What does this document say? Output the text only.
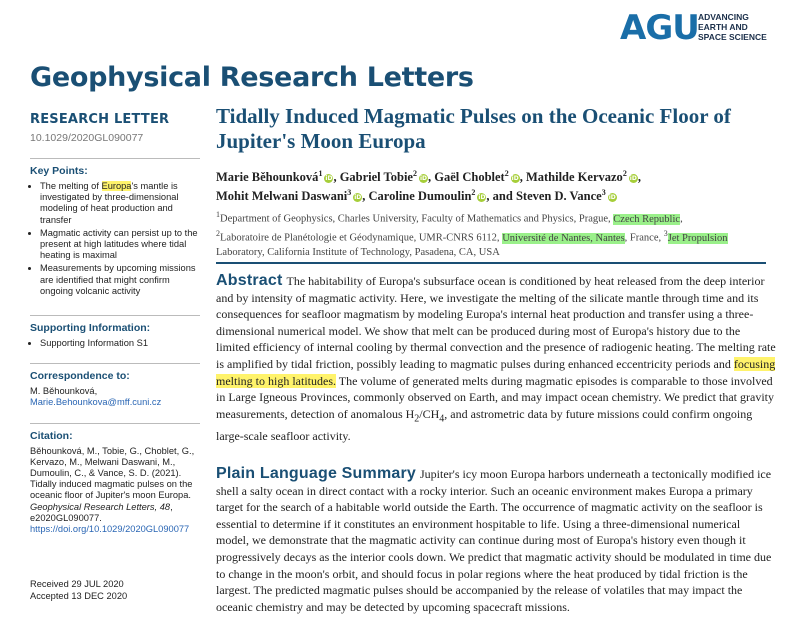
AGU ADVANCING
EARTH AND
SPACE SCIENCE
Geophysical Research Letters
RESEARCH LETTER
10.1029/2020GL090077
Key Points:
• The melting of Europa's mantle is investigated by three-dimensional modeling of heat production and transfer
• Magmatic activity can persist up to the present at high latitudes where tidal heating is maximal
• Measurements by upcoming missions are identified that might confirm ongoing volcanic activity
Supporting Information:
• Supporting Information S1
Correspondence to:
M. Běhounková,
Marie.Behounkova@mff.cuni.cz
Citation:
Běhounková, M., Tobie, G., Choblet, G., Kervazo, M., Melwani Daswani, M., Dumoulin, C., & Vance, S. D. (2021). Tidally induced magmatic pulses on the oceanic floor of Jupiter's moon Europa. Geophysical Research Letters, 48, e2020GL090077. https://doi.org/10.1029/2020GL090077
Received 29 JUL 2020
Accepted 13 DEC 2020
Tidally Induced Magmatic Pulses on the Oceanic Floor of Jupiter's Moon Europa
Marie Běhounková$^1$iD, Gabriel Tobie$^2$iD, Gaël Choblet$^2$iD, Mathilde Kervazo$^2$iD,
Mohit Melwani Daswani$^3$iD, Caroline Dumoulin$^2$iD, and Steven D. Vance$^3$iD
$^1$Department of Geophysics, Charles University, Faculty of Mathematics and Physics, Prague, Czech Republic,
$^2$Laboratoire de Planétologie et Géodynamique, UMR-CNRS 6112, Université de Nantes, Nantes, France, $^3$Jet Propulsion
Laboratory, California Institute of Technology, Pasadena, CA, USA
Abstract The habitability of Europa's subsurface ocean is conditioned by heat released from the deep interior and by intensity of magmatic activity. Here, we investigate the melting of the silicate mantle through time and its consequences for seafloor magmatism by modeling Europa's internal heat production and transfer using a three-dimensional numerical model. We show that melt can be produced during most of Europa's history due to the limited efficiency of internal cooling by thermal convection and the presence of radiogenic heating. The melting rate is amplified by tidal friction, possibly leading to magmatic pulses during enhanced eccentricity periods and focusing melting to high latitudes. The volume of generated melts during magmatic episodes is comparable to those involved in Large Igneous Provinces, commonly observed on Earth, and may impact ocean chemistry. We predict that gravity measurements, detection of anomalous $H_2/CH_4$, and astrometric data by future missions could confirm ongoing large-scale seafloor activity.
Plain Language Summary Jupiter's icy moon Europa harbors underneath a tectonically modified ice shell a salty ocean in direct contact with a rocky interior. Such an oceanic environment makes Europa a primary target for the search of a habitable world outside the Earth. The occurrence of magmatic activity on the seafloor is essential to determine if it constitutes an environment hospitable to life. Using a three-dimensional numerical model, we demonstrate that the magmatic activity can continue during most of Europa's history even though it progressively decays as the interior cools down. We predict that magmatic activity should be modulated in time due to change in the moon's orbit, and should focus in polar regions where the heat produced by tidal friction is the largest. The predicted magmatic pulses should be accompanied by the release of volatiles that may impact the oceanic chemistry and may be detected by upcoming spacecraft missions.
